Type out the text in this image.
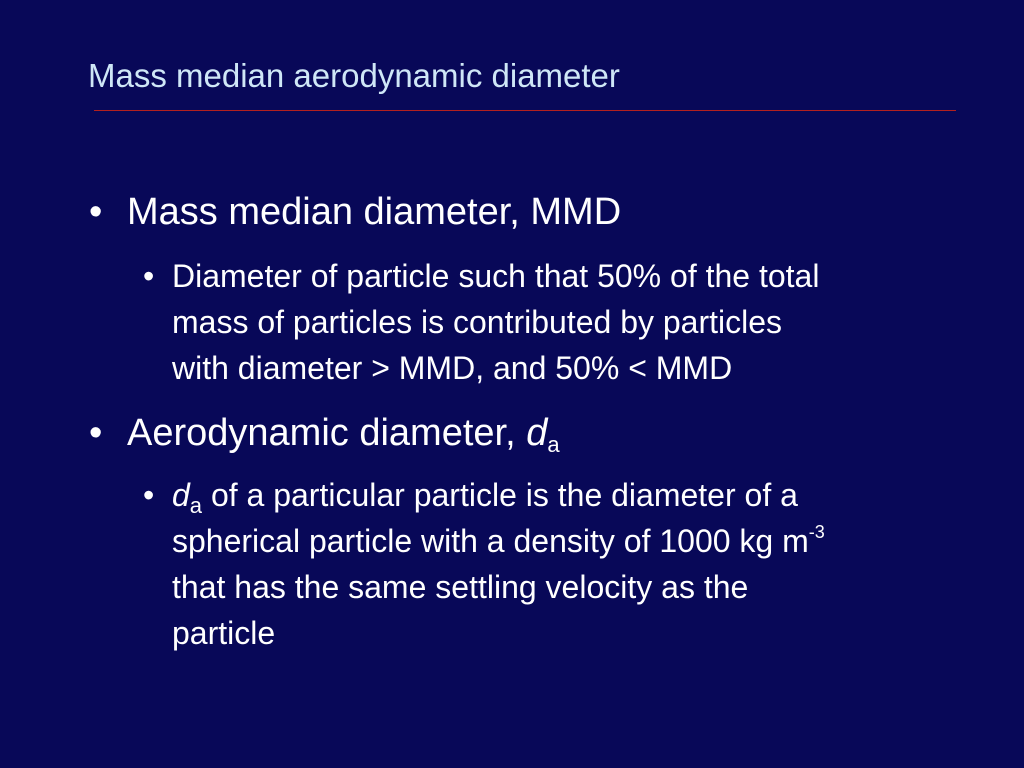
Mass median aerodynamic diameter
• Mass median diameter, MMD
• Diameter of particle such that 50% of the total
mass of particles is contributed by particles
with diameter > MMD, and 50% < MMD
• Aerodynamic diameter, da
• $d_a$ of a particular particle is the diameter of a
spherical particle with a density of 1000 kg $m^{-3}$
that has the same settling velocity as the
particle
